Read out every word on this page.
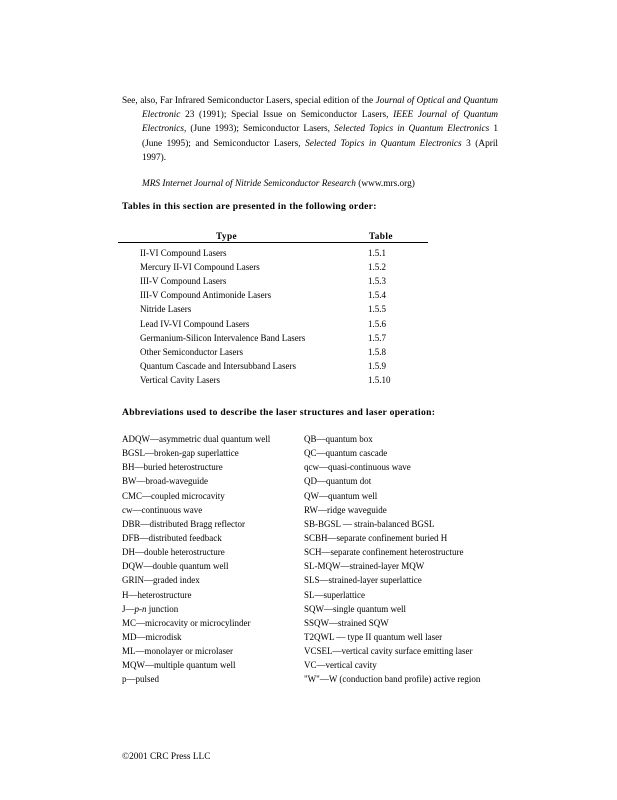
See, also, Far Infrared Semiconductor Lasers, special edition of the Journal of Optical and Quantum Electronic 23 (1991); Special Issue on Semiconductor Lasers, IEEE Journal of Quantum Electronics, (June 1993); Semiconductor Lasers, Selected Topics in Quantum Electronics 1 (June 1995); and Semiconductor Lasers, Selected Topics in Quantum Electronics 3 (April 1997).

MRS Internet Journal of Nitride Semiconductor Research (www.mrs.org)

Tables in this section are presented in the following order:
Type	Table
II-VI Compound Lasers	1.5.1
Mercury II-VI Compound Lasers	1.5.2
III-V Compound Lasers	1.5.3
III-V Compound Antimonide Lasers	1.5.4
Nitride Lasers	1.5.5
Lead IV-VI Compound Lasers	1.5.6
Germanium-Silicon Intervalence Band Lasers	1.5.7
Other Semiconductor Lasers	1.5.8
Quantum Cascade and Intersubband Lasers	1.5.9
Vertical Cavity Lasers	1.5.10
Abbreviations used to describe the laser structures and laser operation:
ADQW—asymmetric dual quantum well
BGSL—broken-gap superlattice
BH—buried heterostructure
BW—broad-waveguide
CMC—coupled microcavity
cw—continuous wave
DBR—distributed Bragg reflector
DFB—distributed feedback
DH—double heterostructure
DQW—double quantum well
GRIN—graded index
H—heterostructure
J—p-n junction
MC—microcavity or microcylinder
MD—microdisk
ML—monolayer or microlaser
MQW—multiple quantum well
p—pulsed
QB—quantum box
QC—quantum cascade
qcw—quasi-continuous wave
QD—quantum dot
QW—quantum well
RW—ridge waveguide
SB-BGSL — strain-balanced BGSL
SCBH—separate confinement buried H
SCH—separate confinement heterostructure
SL-MQW—strained-layer MQW
SLS—strained-layer superlattice
SL—superlattice
SQW—single quantum well
SSQW—strained SQW
T2QWL — type II quantum well laser
VCSEL—vertical cavity surface emitting laser
VC—vertical cavity
"W"—W (conduction band profile) active region
©2001 CRC Press LLC
